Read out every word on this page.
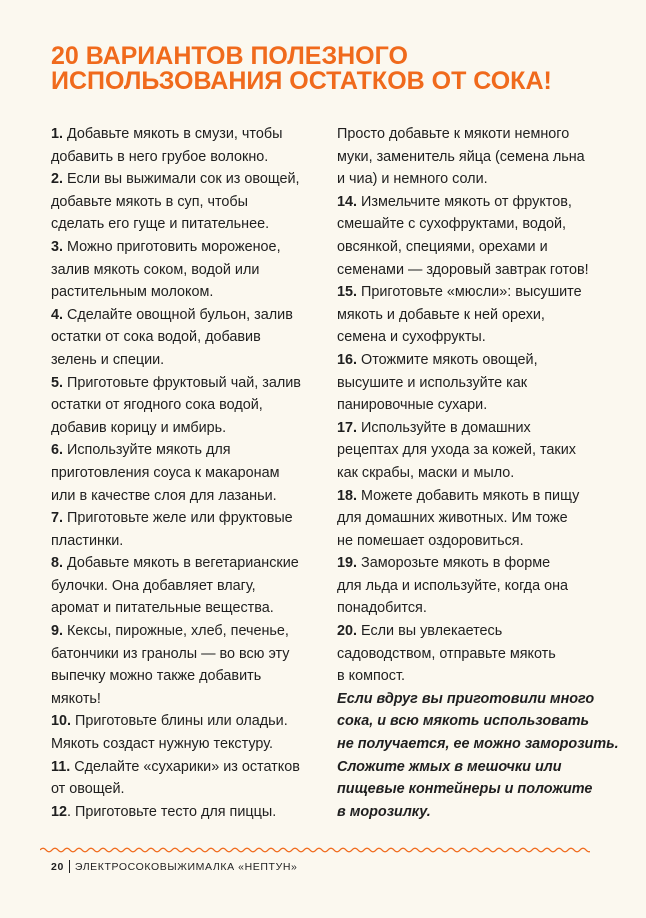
20 ВАРИАНТОВ ПОЛЕЗНОГО
ИСПОЛЬЗОВАНИЯ ОСТАТКОВ ОТ СОКА!
1. Добавьте мякоть в смузи, чтобы
добавить в него грубое волокно.
2. Если вы выжимали сок из овощей,
добавьте мякоть в суп, чтобы
сделать его гуще и питательнее.
3. Можно приготовить мороженое,
залив мякоть соком, водой или
растительным молоком.
4. Сделайте овощной бульон, залив
остатки от сока водой, добавив
зелень и специи.
5. Приготовьте фруктовый чай, залив
остатки от ягодного сока водой,
добавив корицу и имбирь.
6. Используйте мякоть для
приготовления соуса к макаронам
или в качестве слоя для лазаньи.
7. Приготовьте желе или фруктовые
пластинки.
8. Добавьте мякоть в вегетарианские
булочки. Она добавляет влагу,
аромат и питательные вещества.
9. Кексы, пирожные, хлеб, печенье,
батончики из гранолы — во всю эту
выпечку можно также добавить
мякоть!
10. Приготовьте блины или оладьи.
Мякоть создаст нужную текстуру.
11. Сделайте «сухарики» из остатков
от овощей.
12. Приготовьте тесто для пиццы.
Просто добавьте к мякоти немного
муки, заменитель яйца (семена льна
и чиа) и немного соли.
14. Измельчите мякоть от фруктов,
смешайте с сухофруктами, водой,
овсянкой, специями, орехами и
семенами — здоровый завтрак готов!
15. Приготовьте «мюсли»: высушите
мякоть и добавьте к ней орехи,
семена и сухофрукты.
16. Отожмите мякоть овощей,
высушите и используйте как
панировочные сухари.
17. Используйте в домашних
рецептах для ухода за кожей, таких
как скрабы, маски и мыло.
18. Можете добавить мякоть в пищу
для домашних животных. Им тоже
не помешает оздоровиться.
19. Заморозьте мякоть в форме
для льда и используйте, когда она
понадобится.
20. Если вы увлекаетесь
садоводством, отправьте мякоть
в компост.
Если вдруг вы приготовили много
сока, и всю мякоть использовать
не получается, ее можно заморозить.
Сложите жмых в мешочки или
пищевые контейнеры и положите
в морозилку.
20 ЭЛЕКТРОСОКОВЫЖИМАЛКА «НЕПТУН»
